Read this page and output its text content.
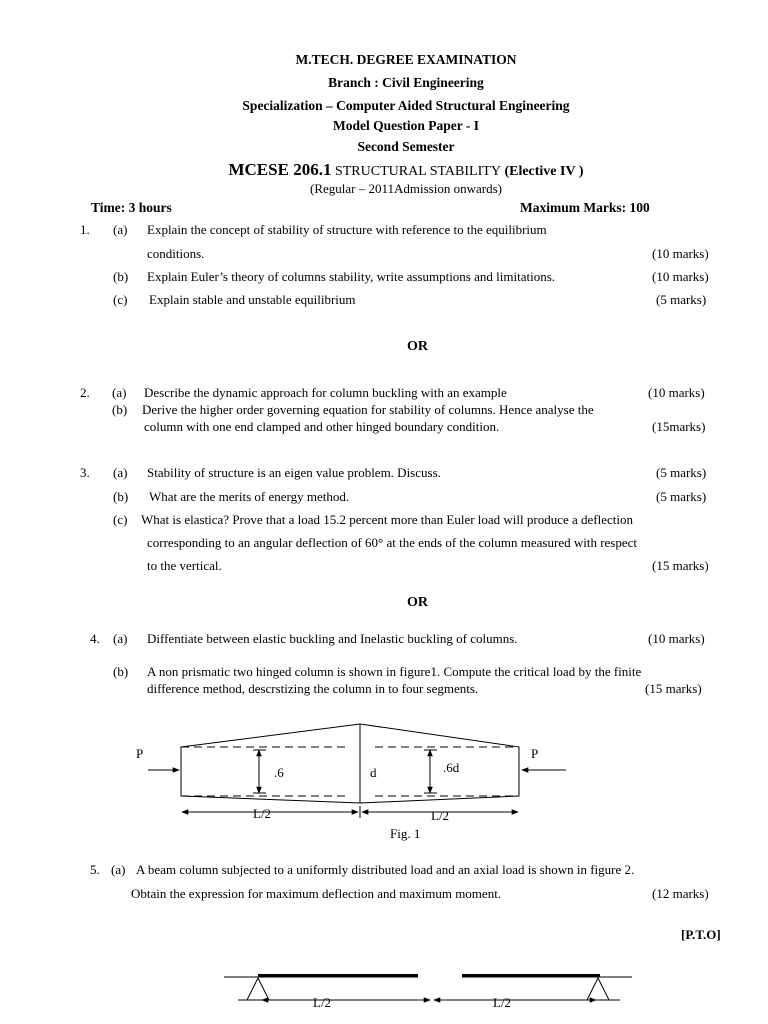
M.TECH. DEGREE EXAMINATION
Branch : Civil Engineering
Specialization – Computer Aided Structural Engineering
Model Question Paper - I
Second Semester
MCESE 206.1 STRUCTURAL STABILITY (Elective IV )
(Regular – 2011Admission onwards)
Time: 3 hours	Maximum Marks: 100
1. (a) Explain the concept of stability of structure with reference to the equilibrium
conditions.	(10 marks)
(b) Explain Euler’s theory of columns stability, write assumptions and limitations.	(10 marks)
(c) Explain stable and unstable equilibrium	(5 marks)
OR
2. (a) Describe the dynamic approach for column buckling with an example	(10 marks)
(b) Derive the higher order governing equation for stability of columns. Hence analyse the
column with one end clamped and other hinged boundary condition.	(15marks)
3. (a) Stability of structure is an eigen value problem. Discuss.	(5 marks)
(b) What are the merits of energy method.	(5 marks)
(c) What is elastica? Prove that a load 15.2 percent more than Euler load will produce a deflection
corresponding to an angular deflection of 60° at the ends of the column measured with respect
to the vertical.	(15 marks)
OR
4. (a) Diffentiate between elastic buckling and Inelastic buckling of columns.	(10 marks)
(b) A non prismatic two hinged column is shown in figure1. Compute the critical load by the finite
difference method, descrstizing the column in to four segments.	(15 marks)
P	P
.6	d	.6d
L/2	L/2
Fig. 1
L/2	L/2
5. (a) A beam column subjected to a uniformly distributed load and an axial load is shown in figure 2.
Obtain the expression for maximum deflection and maximum moment.	(12 marks)
[P.T.O]
